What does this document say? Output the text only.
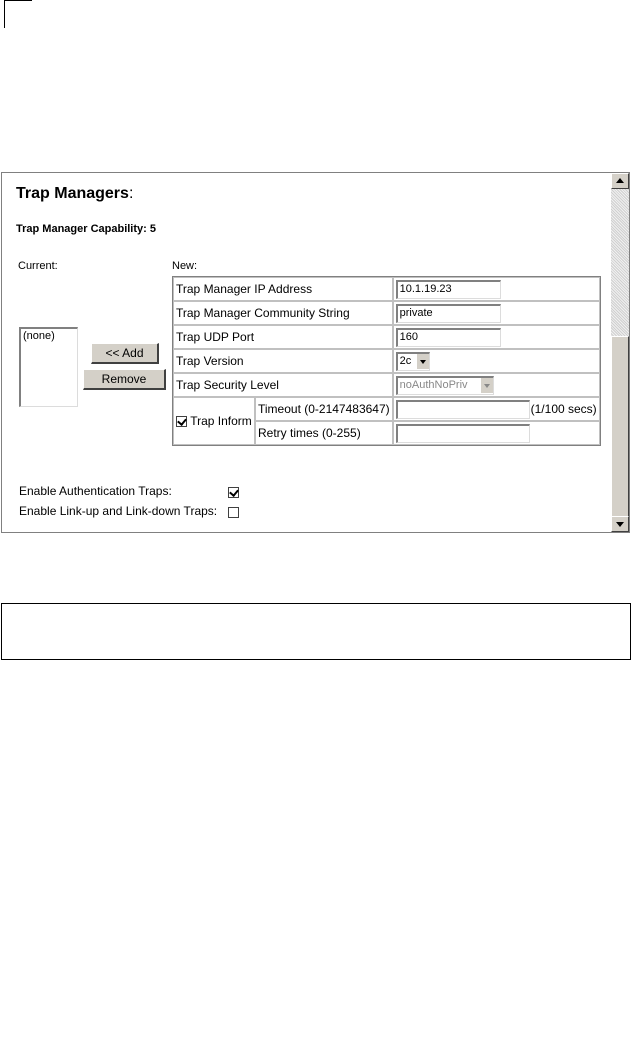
Trap Managers:
Trap Manager Capability: 5
Current:	New:
(none)
<< Add
Remove
Trap Manager IP Address		10.1.19.23
Trap Manager Community String		private
Trap UDP Port		160
Trap Version		2c

Trap Security Level		noAuthNoPriv

Trap Inform	Timeout (0-2147483647)	(1/100 secs)
	Retry times (0-255)	
Enable Authentication Traps:
Enable Link-up and Link-down Traps:
